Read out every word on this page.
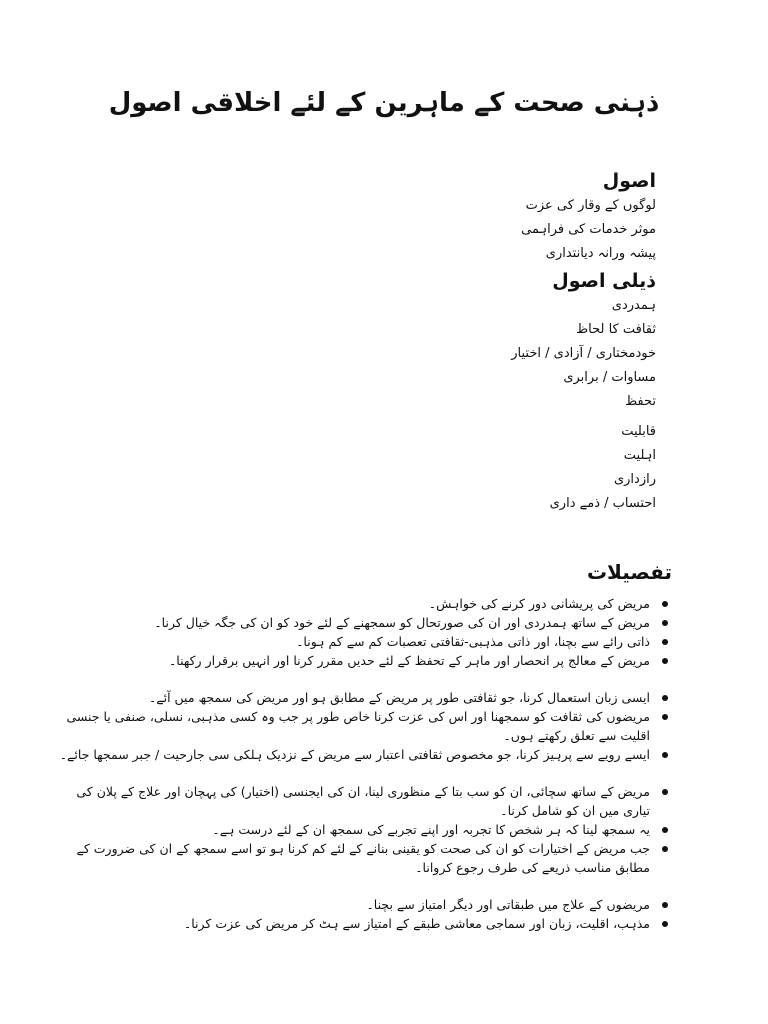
ذہنی صحت کے ماہرین کے لئے اخلاقی اصول

اصول

لوگوں کے وقار کی عزت

موثر خدمات کی فراہمی

پیشہ ورانہ دیانتداری

ذیلی اصول

ہمدردی

ثقافت کا لحاظ

خودمختاری / آزادی / اختیار

مساوات / برابری

تحفظ

قابلیت

اہلیت

رازداری

احتساب / ذمے داری

تفصیلات

مریض کی پریشانی دور کرنے کی خواہش۔
مریض کے ساتھ ہمدردی اور ان کی صورتحال کو سمجھنے کے لئے خود کو ان کی جگہ خیال کرنا۔
ذاتی رائے سے بچنا، اور ذاتی مذہبی-ثقافتی تعصبات کم سے کم ہونا۔
مریض کے معالج پر انحصار اور ماہر کے تحفظ کے لئے حدیں مقرر کرنا اور انہیں برقرار رکھنا۔
ایسی زبان استعمال کرنا، جو ثقافتی طور پر مریض کے مطابق ہو اور مریض کی سمجھ میں آئے۔
مریضوں کی ثقافت کو سمجھنا اور اس کی عزت کرنا خاص طور پر جب وہ کسی مذہبی، نسلی، صنفی یا جنسی اقلیت سے تعلق رکھتے ہوں۔
ایسے رویے سے پرہیز کرنا، جو مخصوص ثقافتی اعتبار سے مریض کے نزدیک ہلکی سی جارحیت / جبر سمجھا جائے۔
مریض کے ساتھ سچائی، ان کو سب بتا کے منظوری لینا، ان کی ایجنسی (اختیار) کی پہچان اور علاج کے پلان کی تیاری میں ان کو شامل کرنا۔
یہ سمجھ لینا کہ ہر شخص کا تجربہ اور اپنے تجربے کی سمجھ ان کے لئے درست ہے۔
جب مریض کے اختیارات کو ان کی صحت کو یقینی بنانے کے لئے کم کرنا ہو تو اسے سمجھ کے ان کی ضرورت کے مطابق مناسب ذریعے کی طرف رجوع کروانا۔
مریضوں کے علاج میں طبقاتی اور دیگر امتیاز سے بچنا۔
مذہب، اقلیت، زبان اور سماجی معاشی طبقے کے امتیاز سے ہٹ کر مریض کی عزت کرنا۔
